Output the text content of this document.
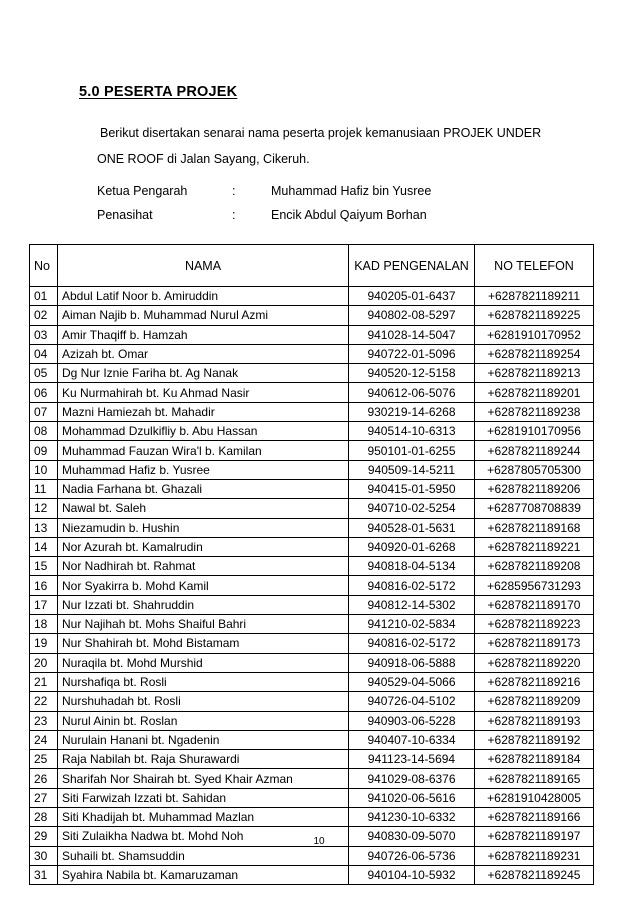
5.0 PESERTA PROJEK

Berikut disertakan senarai nama peserta projek kemanusiaan PROJEK UNDER

ONE ROOF di Jalan Sayang, Cikeruh.

Ketua Pengarah	:	Muhammad Hafiz bin Yusree
Penasihat	:	Encik Abdul Qaiyum Borhan
No	NAMA	KAD PENGENALAN	NO TELEFON
01	Abdul Latif Noor b. Amiruddin	940205-01-6437	+6287821189211
02	Aiman Najib b. Muhammad Nurul Azmi	940802-08-5297	+6287821189225
03	Amir Thaqiff b. Hamzah	941028-14-5047	+6281910170952
04	Azizah bt. Omar	940722-01-5096	+6287821189254
05	Dg Nur Iznie Fariha bt. Ag Nanak	940520-12-5158	+6287821189213
06	Ku Nurmahirah bt. Ku Ahmad Nasir	940612-06-5076	+6287821189201
07	Mazni Hamiezah bt. Mahadir	930219-14-6268	+6287821189238
08	Mohammad Dzulkifliy b. Abu Hassan	940514-10-6313	+6281910170956
09	Muhammad Fauzan Wira'l b. Kamilan	950101-01-6255	+6287821189244
10	Muhammad Hafiz b. Yusree	940509-14-5211	+6287805705300
11	Nadia Farhana bt. Ghazali	940415-01-5950	+6287821189206
12	Nawal bt. Saleh	940710-02-5254	+6287708708839
13	Niezamudin b. Hushin	940528-01-5631	+6287821189168
14	Nor Azurah bt. Kamalrudin	940920-01-6268	+6287821189221
15	Nor Nadhirah bt. Rahmat	940818-04-5134	+6287821189208
16	Nor Syakirra b. Mohd Kamil	940816-02-5172	+6285956731293
17	Nur Izzati bt. Shahruddin	940812-14-5302	+6287821189170
18	Nur Najihah bt. Mohs Shaiful Bahri	941210-02-5834	+6287821189223
19	Nur Shahirah bt. Mohd Bistamam	940816-02-5172	+6287821189173
20	Nuraqila bt. Mohd Murshid	940918-06-5888	+6287821189220
21	Nurshafiqa bt. Rosli	940529-04-5066	+6287821189216
22	Nurshuhadah bt. Rosli	940726-04-5102	+6287821189209
23	Nurul Ainin bt. Roslan	940903-06-5228	+6287821189193
24	Nurulain Hanani bt. Ngadenin	940407-10-6334	+6287821189192
25	Raja Nabilah bt. Raja Shurawardi	941123-14-5694	+6287821189184
26	Sharifah Nor Shairah bt. Syed Khair Azman	941029-08-6376	+6287821189165
27	Siti Farwizah Izzati bt. Sahidan	941020-06-5616	+6281910428005
28	Siti Khadijah bt. Muhammad Mazlan	941230-10-6332	+6287821189166
29	Siti Zulaikha Nadwa bt. Mohd Noh	940830-09-5070	+6287821189197
30	Suhaili bt. Shamsuddin	940726-06-5736	+6287821189231
31	Syahira Nabila bt. Kamaruzaman	940104-10-5932	+6287821189245
10
